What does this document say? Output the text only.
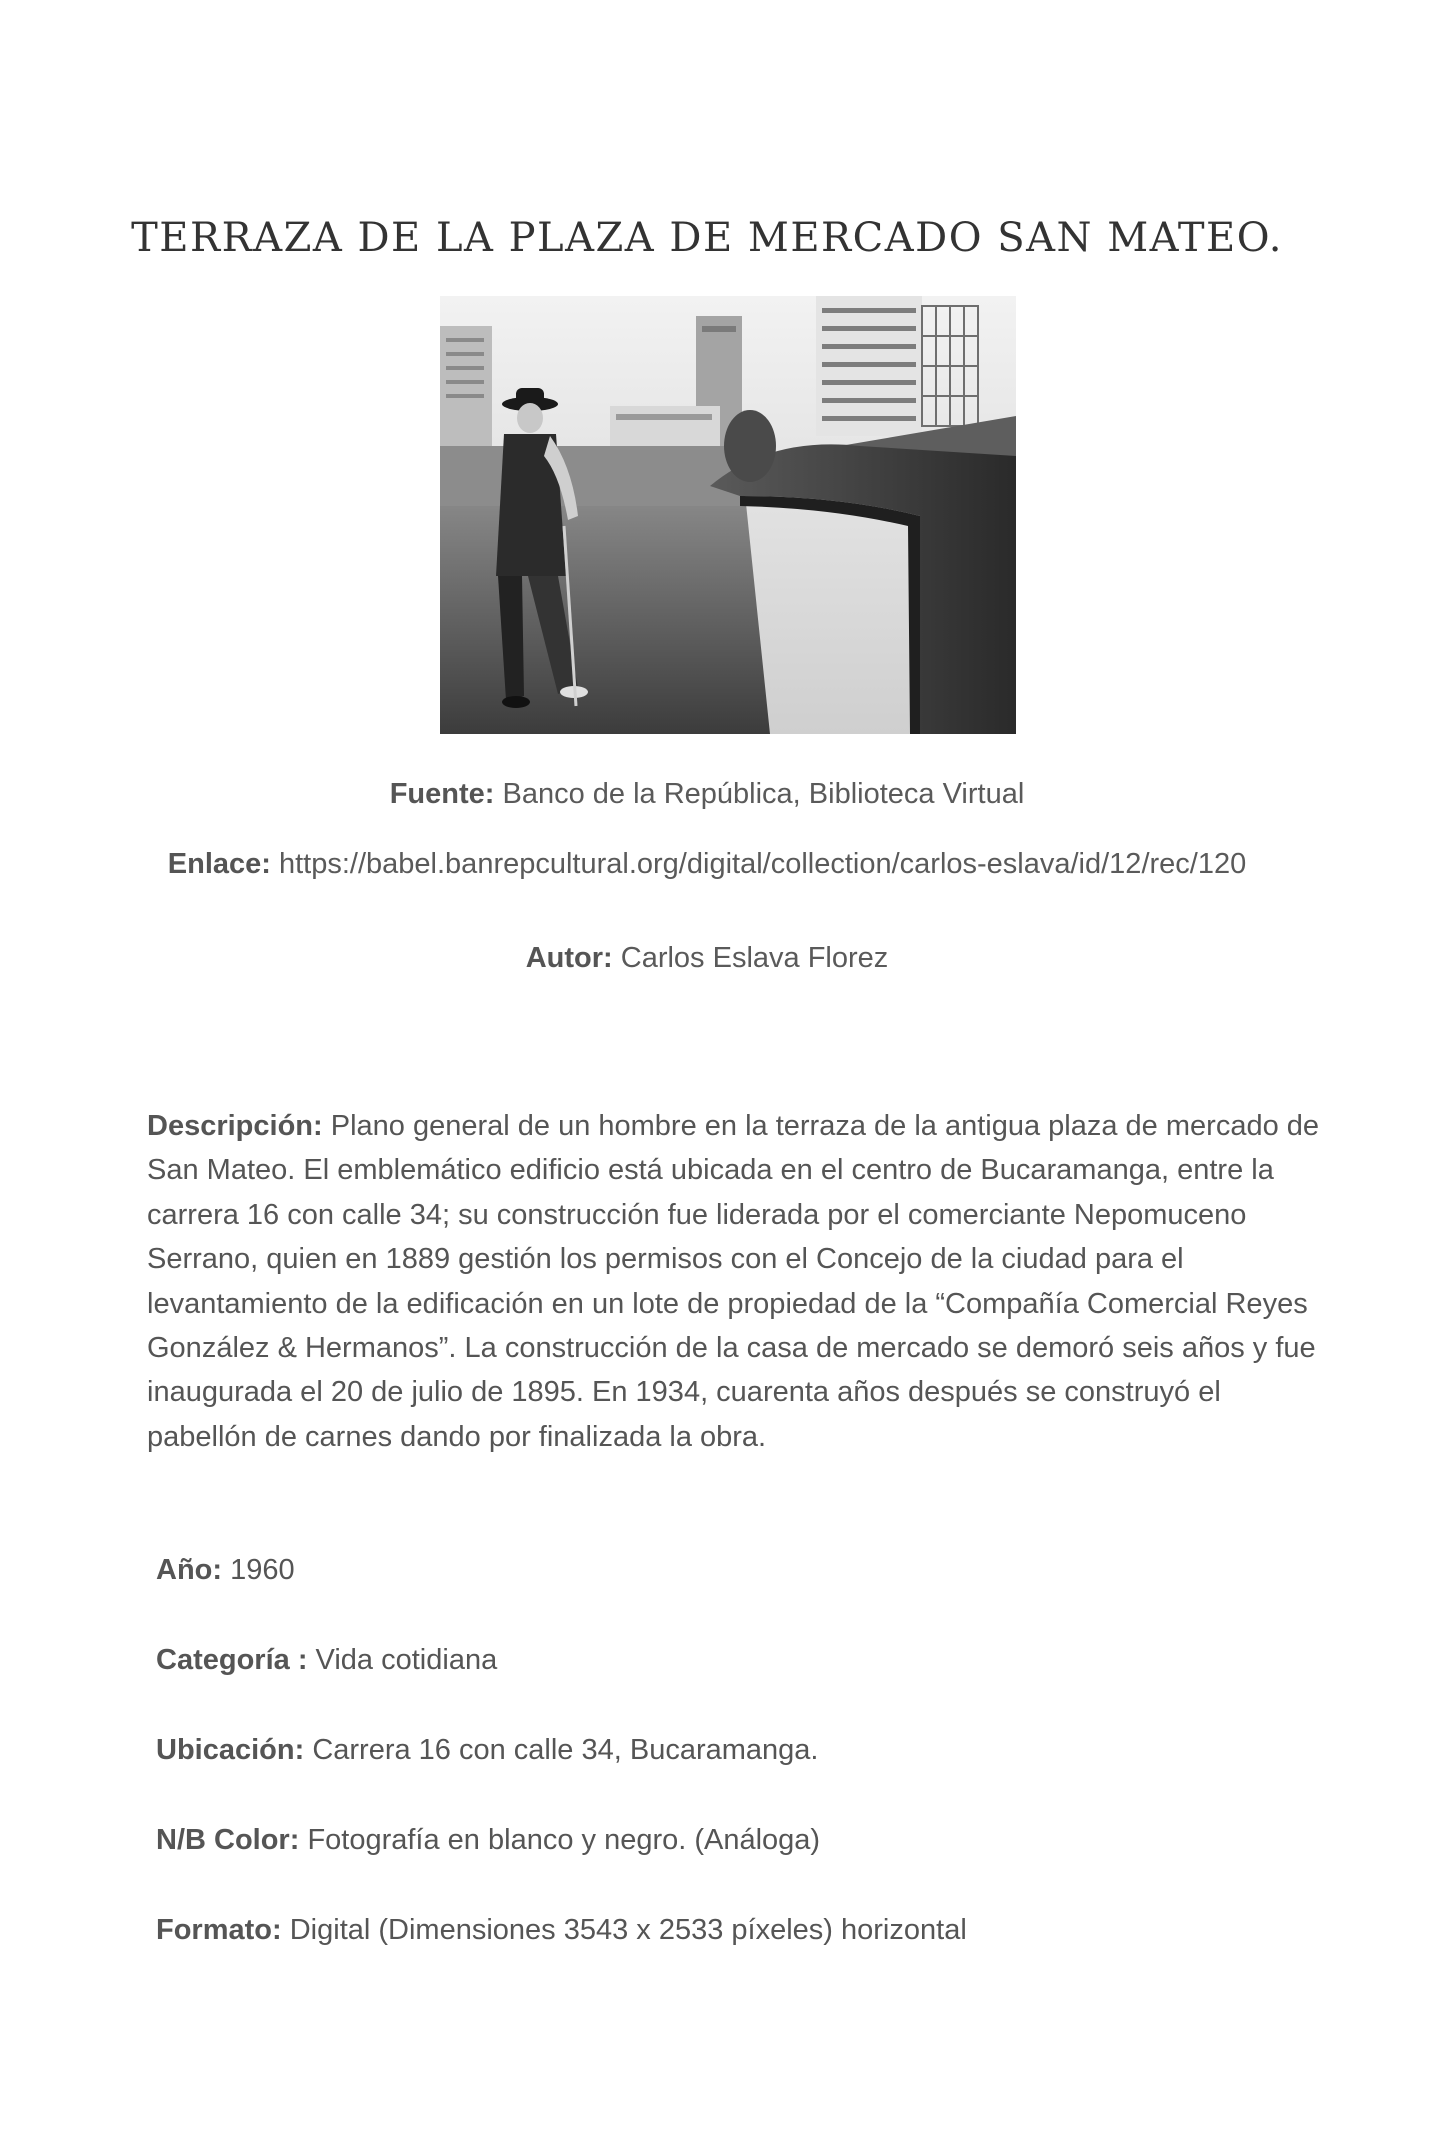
TERRAZA DE LA PLAZA DE MERCADO SAN MATEO.
Fuente: Banco de la República, Biblioteca Virtual
Enlace: https://babel.banrepcultural.org/digital/collection/carlos-eslava/id/12/rec/120
Autor: Carlos Eslava Florez

Descripción: Plano general de un hombre en la terraza de la antigua plaza de mercado de San Mateo. El emblemático edificio está ubicada en el centro de Bucaramanga, entre la carrera 16 con calle 34; su construcción fue liderada por el comerciante Nepomuceno Serrano, quien en 1889 gestión los permisos con el Concejo de la ciudad para el levantamiento de la edificación en un lote de propiedad de la “Compañía Comercial Reyes González & Hermanos”. La construcción de la casa de mercado se demoró seis años y fue inaugurada el 20 de julio de 1895. En 1934, cuarenta años después se construyó el pabellón de carnes dando por finalizada la obra.

Año: 1960
Categoría : Vida cotidiana
Ubicación: Carrera 16 con calle 34, Bucaramanga.
N/B Color: Fotografía en blanco y negro. (Análoga)
Formato: Digital (Dimensiones 3543 x 2533 píxeles) horizontal
